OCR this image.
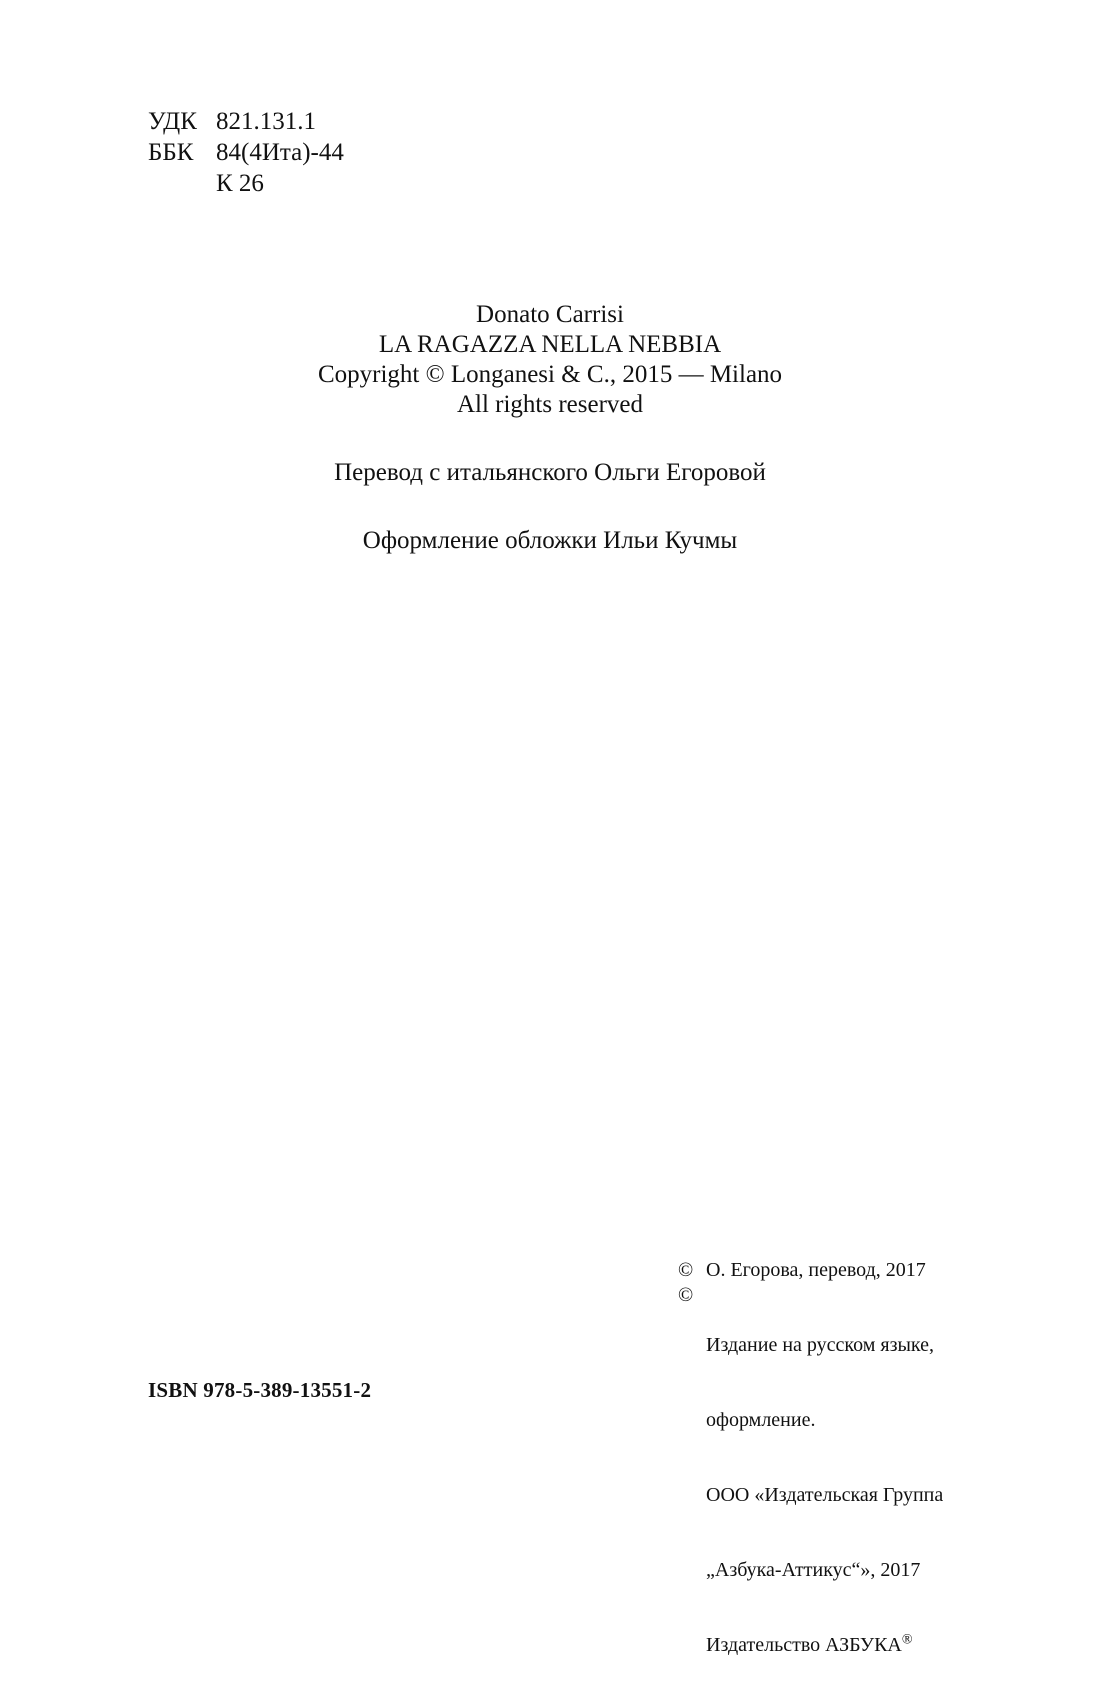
УДК 821.131.1
ББК 84(4Ита)-44
К 26
Donato Carrisi
LA RAGAZZA NELLA NEBBIA
Copyright © Longanesi & C., 2015 — Milano
All rights reserved
Перевод с итальянского Ольги Егоровой
Оформление обложки Ильи Кучмы
ISBN 978-5-389-13551-2
© О. Егорова, перевод, 2017
©

Издание на русском языке,

оформление.

ООО «Издательская Группа

„Азбука-Аттикус“», 2017

Издательство АЗБУКА®
